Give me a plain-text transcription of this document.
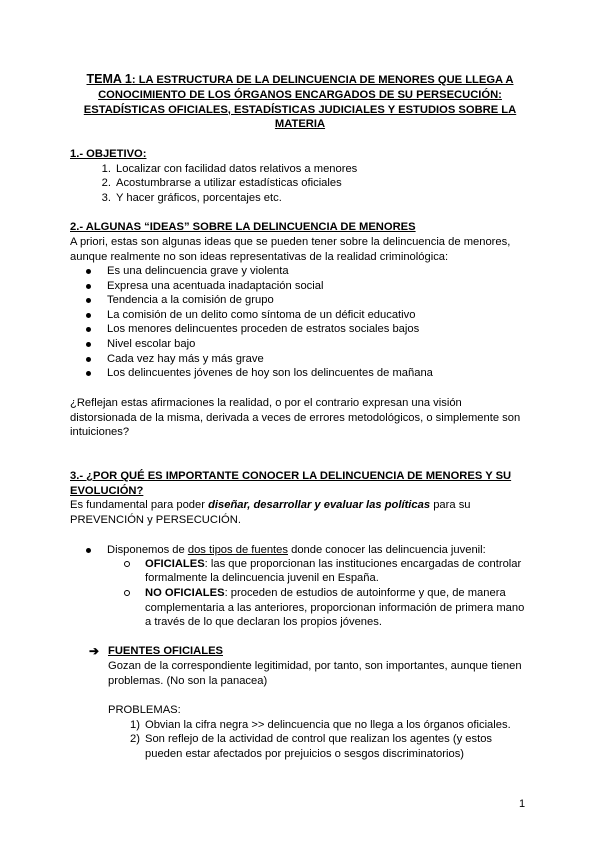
TEMA 1: LA ESTRUCTURA DE LA DELINCUENCIA DE MENORES QUE LLEGA A
CONOCIMIENTO DE LOS ÓRGANOS ENCARGADOS DE SU PERSECUCIÓN:
ESTADÍSTICAS OFICIALES, ESTADÍSTICAS JUDICIALES Y ESTUDIOS SOBRE LA
MATERIA
1.- OBJETIVO:
1. Localizar con facilidad datos relativos a menores
2. Acostumbrarse a utilizar estadísticas oficiales
3. Y hacer gráficos, porcentajes etc.
2.- ALGUNAS “IDEAS” SOBRE LA DELINCUENCIA DE MENORES
A priori, estas son algunas ideas que se pueden tener sobre la delincuencia de menores,
aunque realmente no son ideas representativas de la realidad criminológica:
Es una delincuencia grave y violenta
Expresa una acentuada inadaptación social
Tendencia a la comisión de grupo
La comisión de un delito como síntoma de un déficit educativo
Los menores delincuentes proceden de estratos sociales bajos
Nivel escolar bajo
Cada vez hay más y más grave
Los delincuentes jóvenes de hoy son los delincuentes de mañana
¿Reflejan estas afirmaciones la realidad, o por el contrario expresan una visión
distorsionada de la misma, derivada a veces de errores metodológicos, o simplemente son
intuiciones?
3.- ¿POR QUÉ ES IMPORTANTE CONOCER LA DELINCUENCIA DE MENORES Y SU
EVOLUCIÓN?
Es fundamental para poder diseñar, desarrollar y evaluar las políticas para su
PREVENCIÓN y PERSECUCIÓN.
Disponemos de dos tipos de fuentes donde conocer las delincuencia juvenil:
OFICIALES: las que proporcionan las instituciones encargadas de controlar
formalmente la delincuencia juvenil en España.
NO OFICIALES: proceden de estudios de autoinforme y que, de manera
complementaria a las anteriores, proporcionan información de primera mano
a través de lo que declaran los propios jóvenes.
➔ FUENTES OFICIALES
Gozan de la correspondiente legitimidad, por tanto, son importantes, aunque tienen
problemas. (No son la panacea)
PROBLEMAS:
1) Obvian la cifra negra >> delincuencia que no llega a los órganos oficiales.
2) Son reflejo de la actividad de control que realizan los agentes (y estos
pueden estar afectados por prejuicios o sesgos discriminatorios)
1
